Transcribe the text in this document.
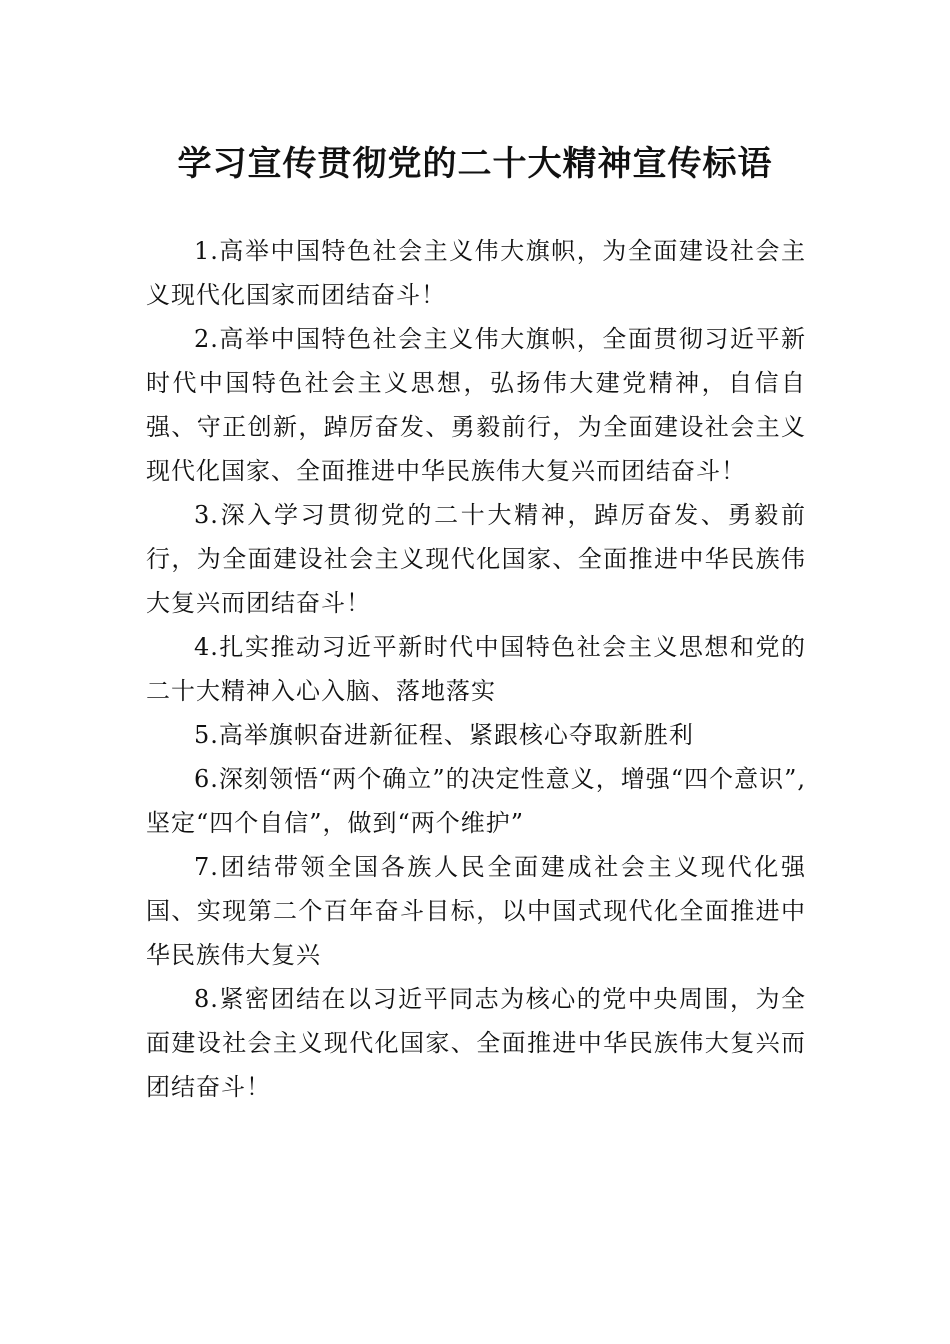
学习宣传贯彻党的二十大精神宣传标语

1.高举中国特色社会主义伟大旗帜，为全面建设社会主义现代化国家而团结奋斗！

2.高举中国特色社会主义伟大旗帜，全面贯彻习近平新时代中国特色社会主义思想，弘扬伟大建党精神，自信自强、守正创新，踔厉奋发、勇毅前行，为全面建设社会主义现代化国家、全面推进中华民族伟大复兴而团结奋斗！

3.深入学习贯彻党的二十大精神，踔厉奋发、勇毅前行，为全面建设社会主义现代化国家、全面推进中华民族伟大复兴而团结奋斗！

4.扎实推动习近平新时代中国特色社会主义思想和党的二十大精神入心入脑、落地落实

5.高举旗帜奋进新征程、紧跟核心夺取新胜利

6.深刻领悟“两个确立”的决定性意义，增强“四个意识”,坚定“四个自信”，做到“两个维护”

7.团结带领全国各族人民全面建成社会主义现代化强国、实现第二个百年奋斗目标，以中国式现代化全面推进中华民族伟大复兴

8.紧密团结在以习近平同志为核心的党中央周围，为全面建设社会主义现代化国家、全面推进中华民族伟大复兴而团结奋斗！
